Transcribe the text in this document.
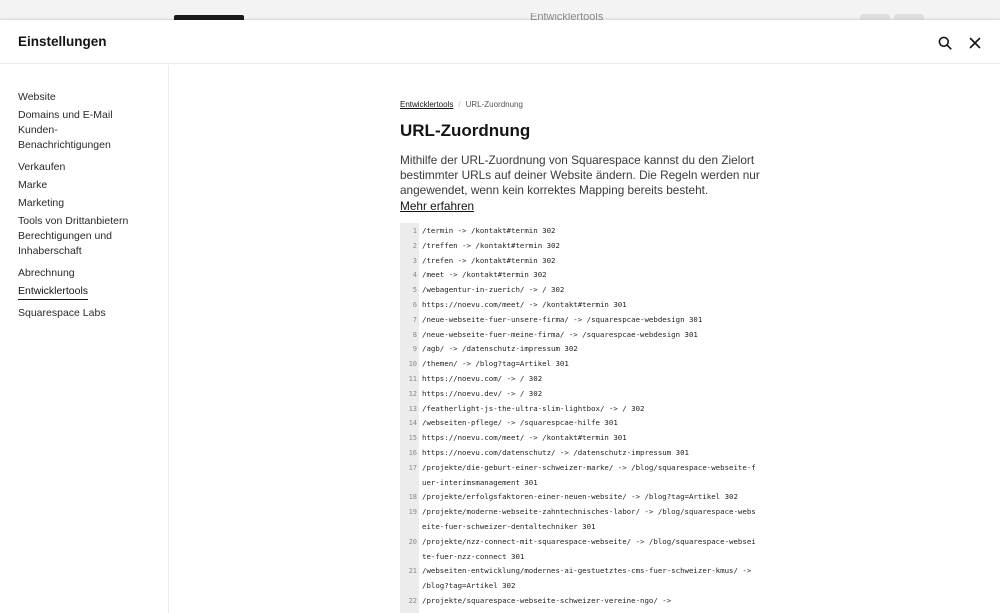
Entwicklertools
Einstellungen
Website
Domains und E-Mail
Kunden-Benachrichtigungen
Verkaufen
Marke
Marketing
Tools von Drittanbietern
Berechtigungen und Inhaberschaft
Abrechnung
Entwicklertools
Squarespace Labs
Entwicklertools / URL-Zuordnung
URL-Zuordnung
Mithilfe der URL-Zuordnung von Squarespace kannst du den Zielort bestimmter URLs auf deiner Website ändern. Die Regeln werden nur angewendet, wenn kein korrektes Mapping bereits besteht.
Mehr erfahren
1 /termin -> /kontakt#termin 302
2 /treffen -> /kontakt#termin 302
3 /trefen -> /kontakt#termin 302
4 /meet -> /kontakt#termin 302
5 /webagentur-in-zuerich/ -> / 302
6 https://noevu.com/meet/ -> /kontakt#termin 301
7 /neue-webseite-fuer-unsere-firma/ -> /squarespcae-webdesign 301
8 /neue-webseite-fuer-meine-firma/ -> /squarespcae-webdesign 301
9 /agb/ -> /datenschutz-impressum 302
10 /themen/ -> /blog?tag=Artikel 301
11 https://noevu.com/ -> / 302
12 https://noevu.dev/ -> / 302
13 /featherlight-js-the-ultra-slim-lightbox/ -> / 302
14 /webseiten-pflege/ -> /squarespcae-hilfe 301
15 https://noevu.com/meet/ -> /kontakt#termin 301
16 https://noevu.com/datenschutz/ -> /datenschutz-impressum 301
17 /projekte/die-geburt-einer-schweizer-marke/ -> /blog/squarespace-webseite-fuer-interimsmanagement 301
18 /projekte/erfolgsfaktoren-einer-neuen-website/ -> /blog?tag=Artikel 302
19 /projekte/moderne-webseite-zahntechnisches-labor/ -> /blog/squarespace-webseite-fuer-schweizer-dentaltechniker 301
20 /projekte/nzz-connect-mit-squarespace-webseite/ -> /blog/squarespace-webseite-fuer-nzz-connect 301
21 /webseiten-entwicklung/modernes-ai-gestuetztes-cms-fuer-schweizer-kmus/ -> /blog?tag=Artikel 302
22 /projekte/squarespace-webseite-schweizer-vereine-ngo/ ->
